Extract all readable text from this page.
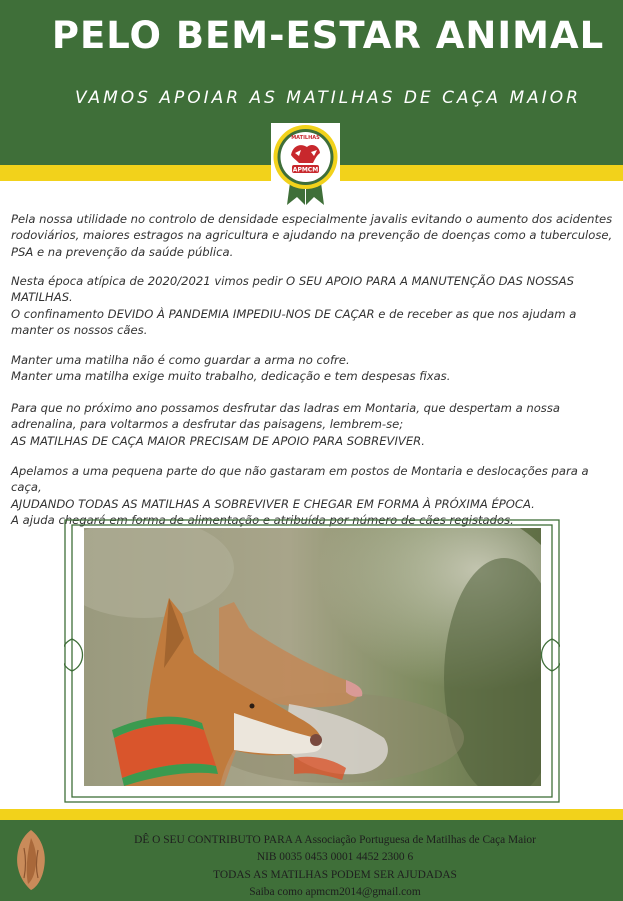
PELO BEM-ESTAR ANIMAL
VAMOS APOIAR AS MATILHAS DE CAÇA MAIOR
MATILHAS
APMCM
Pela nossa utilidade no controlo de densidade especialmente javalis evitando o aumento dos acidentes
rodoviários, maiores estragos na agricultura e ajudando na prevenção de doenças como a tuberculose,
PSA e na prevenção da saúde pública.
Nesta época atípica de 2020/2021 vimos pedir O SEU APOIO PARA A MANUTENÇÃO DAS NOSSAS
MATILHAS.
O confinamento DEVIDO À PANDEMIA IMPEDIU-NOS DE CAÇAR e de receber as que nos ajudam a
manter os nossos cães.
Manter uma matilha não é como guardar a arma no cofre.
Manter uma matilha exige muito trabalho, dedicação e tem despesas fixas.
Para que no próximo ano possamos desfrutar das ladras em Montaria, que despertam a nossa
adrenalina, para voltarmos a desfrutar das paisagens, lembrem-se;
AS MATILHAS DE CAÇA MAIOR PRECISAM DE APOIO PARA SOBREVIVER.
Apelamos a uma pequena parte do que não gastaram em postos de Montaria e deslocações para a caça,
AJUDANDO TODAS AS MATILHAS A SOBREVIVER E CHEGAR EM FORMA À PRÓXIMA ÉPOCA.
A ajuda chegará em forma de alimentação e atribuída por número de cães registados.
DÊ O SEU CONTRIBUTO PARA A Associação Portuguesa de Matilhas de Caça Maior
NIB 0035 0453 0001 4452 2300 6
TODAS AS MATILHAS PODEM SER AJUDADAS
Saiba como apmcm2014@gmail.com
